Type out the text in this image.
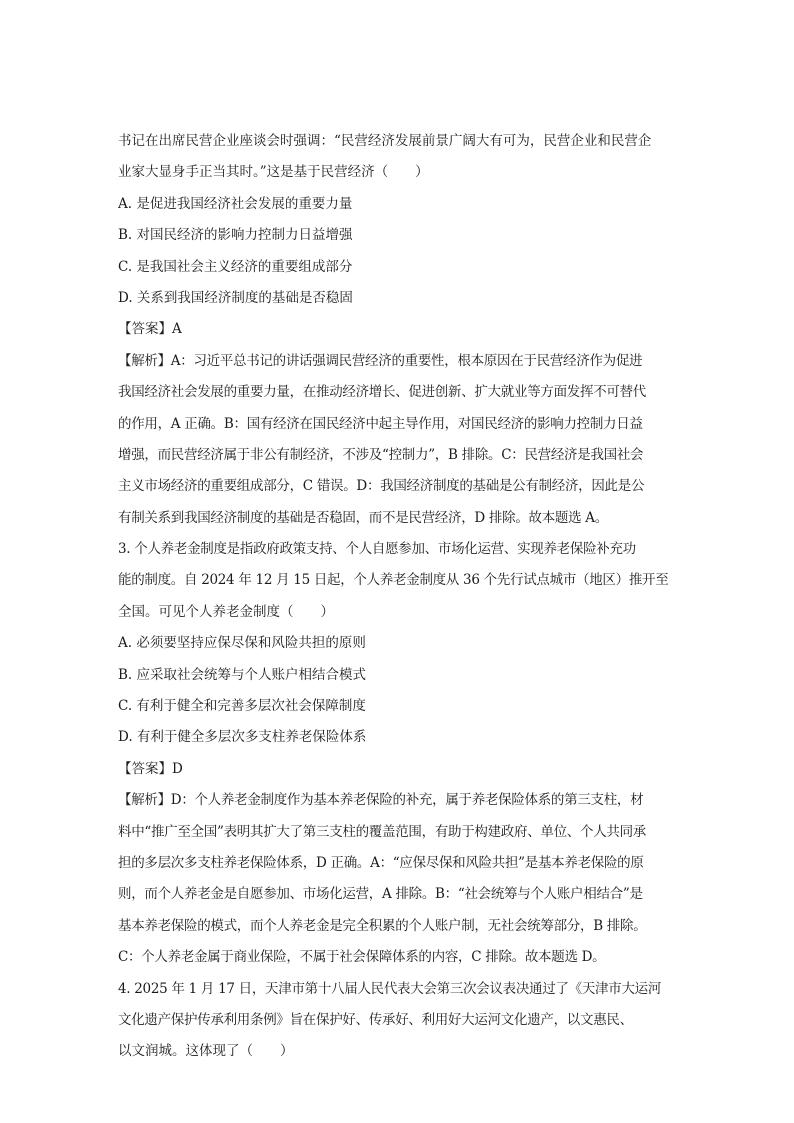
书记在出席民营企业座谈会时强调：“民营经济发展前景广阔大有可为，民营企业和民营企
业家大显身手正当其时。”这是基于民营经济（　　）
A. 是促进我国经济社会发展的重要力量
B. 对国民经济的影响力控制力日益增强
C. 是我国社会主义经济的重要组成部分
D. 关系到我国经济制度的基础是否稳固
【答案】A
【解析】A：习近平总书记的讲话强调民营经济的重要性，根本原因在于民营经济作为促进
我国经济社会发展的重要力量，在推动经济增长、促进创新、扩大就业等方面发挥不可替代
的作用，A 正确。B：国有经济在国民经济中起主导作用，对国民经济的影响力控制力日益
增强，而民营经济属于非公有制经济，不涉及“控制力”，B 排除。C：民营经济是我国社会
主义市场经济的重要组成部分，C 错误。D：我国经济制度的基础是公有制经济，因此是公
有制关系到我国经济制度的基础是否稳固，而不是民营经济，D 排除。故本题选 A。
3. 个人养老金制度是指政府政策支持、个人自愿参加、市场化运营、实现养老保险补充功
能的制度。自 2024 年 12 月 15 日起，个人养老金制度从 36 个先行试点城市（地区）推开至
全国。可见个人养老金制度（　　）
A. 必须要坚持应保尽保和风险共担的原则
B. 应采取社会统筹与个人账户相结合模式
C. 有利于健全和完善多层次社会保障制度
D. 有利于健全多层次多支柱养老保险体系
【答案】D
【解析】D：个人养老金制度作为基本养老保险的补充，属于养老保险体系的第三支柱，材
料中“推广至全国”表明其扩大了第三支柱的覆盖范围，有助于构建政府、单位、个人共同承
担的多层次多支柱养老保险体系，D 正确。A：“应保尽保和风险共担”是基本养老保险的原
则，而个人养老金是自愿参加、市场化运营，A 排除。B：“社会统筹与个人账户相结合”是
基本养老保险的模式，而个人养老金是完全积累的个人账户制，无社会统筹部分，B 排除。
C：个人养老金属于商业保险，不属于社会保障体系的内容，C 排除。故本题选 D。
4. 2025 年 1 月 17 日，天津市第十八届人民代表大会第三次会议表决通过了《天津市大运河
文化遗产保护传承利用条例》旨在保护好、传承好、利用好大运河文化遗产，以文惠民、
以文润城。这体现了（　　）
